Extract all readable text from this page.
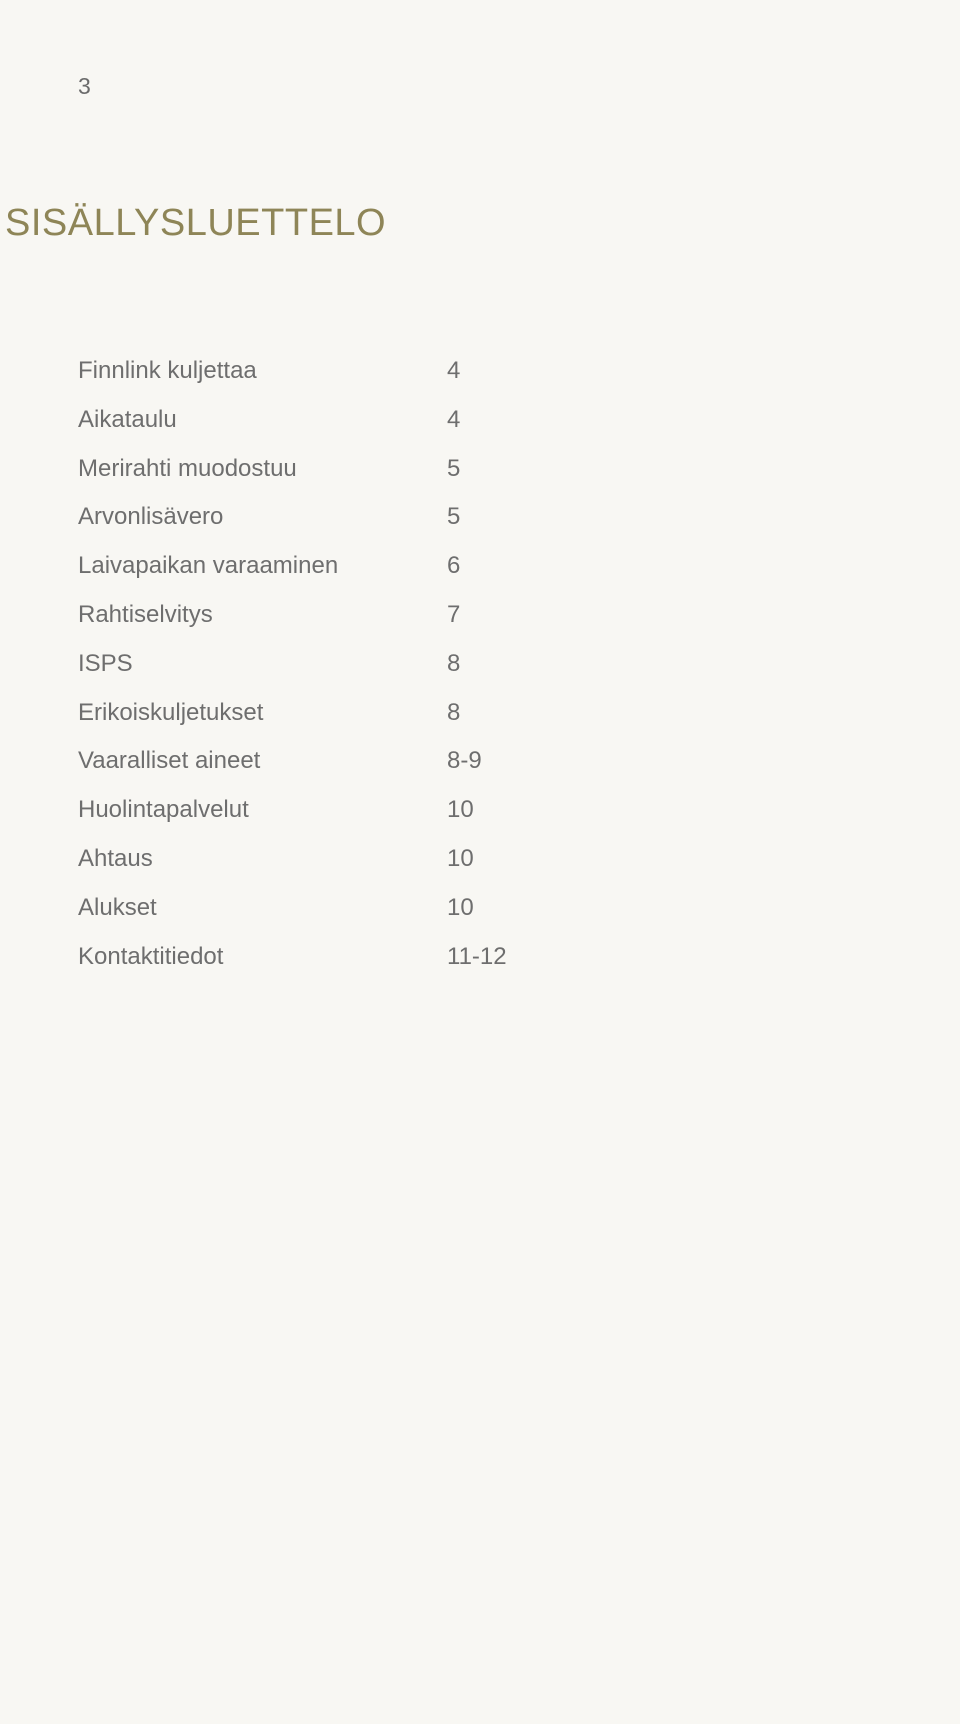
3
SISÄLLYSLUETTELO
Finnlink kuljettaa	4
Aikataulu	4
Merirahti muodostuu	5
Arvonlisävero	5
Laivapaikan varaaminen	6
Rahtiselvitys	7
ISPS	8
Erikoiskuljetukset	8
Vaaralliset aineet	8-9
Huolintapalvelut	10
Ahtaus	10
Alukset	10
Kontaktitiedot	11-12
